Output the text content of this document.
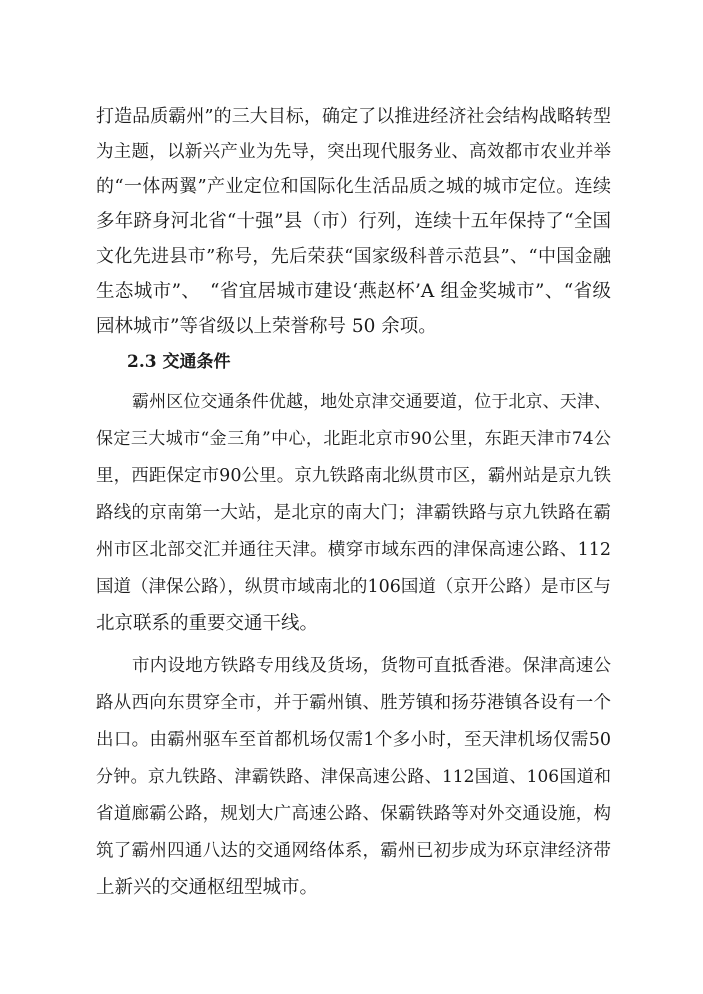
打造品质霸州”的三大目标，确定了以推进经济社会结构战略转型
为主题，以新兴产业为先导，突出现代服务业、高效都市农业并举
的“一体两翼”产业定位和国际化生活品质之城的城市定位。连续
多年跻身河北省“十强”县（市）行列，连续十五年保持了“全国
文化先进县市”称号，先后荣获“国家级科普示范县”、“中国金融
生态城市”、　“省宜居城市建设‘燕赵杯’A 组金奖城市”、“省级
园林城市”等省级以上荣誉称号 50 余项。
2.3 交通条件
霸州区位交通条件优越，地处京津交通要道，位于北京、天津、
保定三大城市“金三角”中心，北距北京市90公里，东距天津市74公
里，西距保定市90公里。京九铁路南北纵贯市区，霸州站是京九铁
路线的京南第一大站，是北京的南大门；津霸铁路与京九铁路在霸
州市区北部交汇并通往天津。横穿市域东西的津保高速公路、112
国道（津保公路），纵贯市域南北的106国道（京开公路）是市区与
北京联系的重要交通干线。
市内设地方铁路专用线及货场，货物可直抵香港。保津高速公
路从西向东贯穿全市，并于霸州镇、胜芳镇和扬芬港镇各设有一个
出口。由霸州驱车至首都机场仅需1个多小时，至天津机场仅需50
分钟。京九铁路、津霸铁路、津保高速公路、112国道、106国道和
省道廊霸公路，规划大广高速公路、保霸铁路等对外交通设施，构
筑了霸州四通八达的交通网络体系，霸州已初步成为环京津经济带
上新兴的交通枢纽型城市。
